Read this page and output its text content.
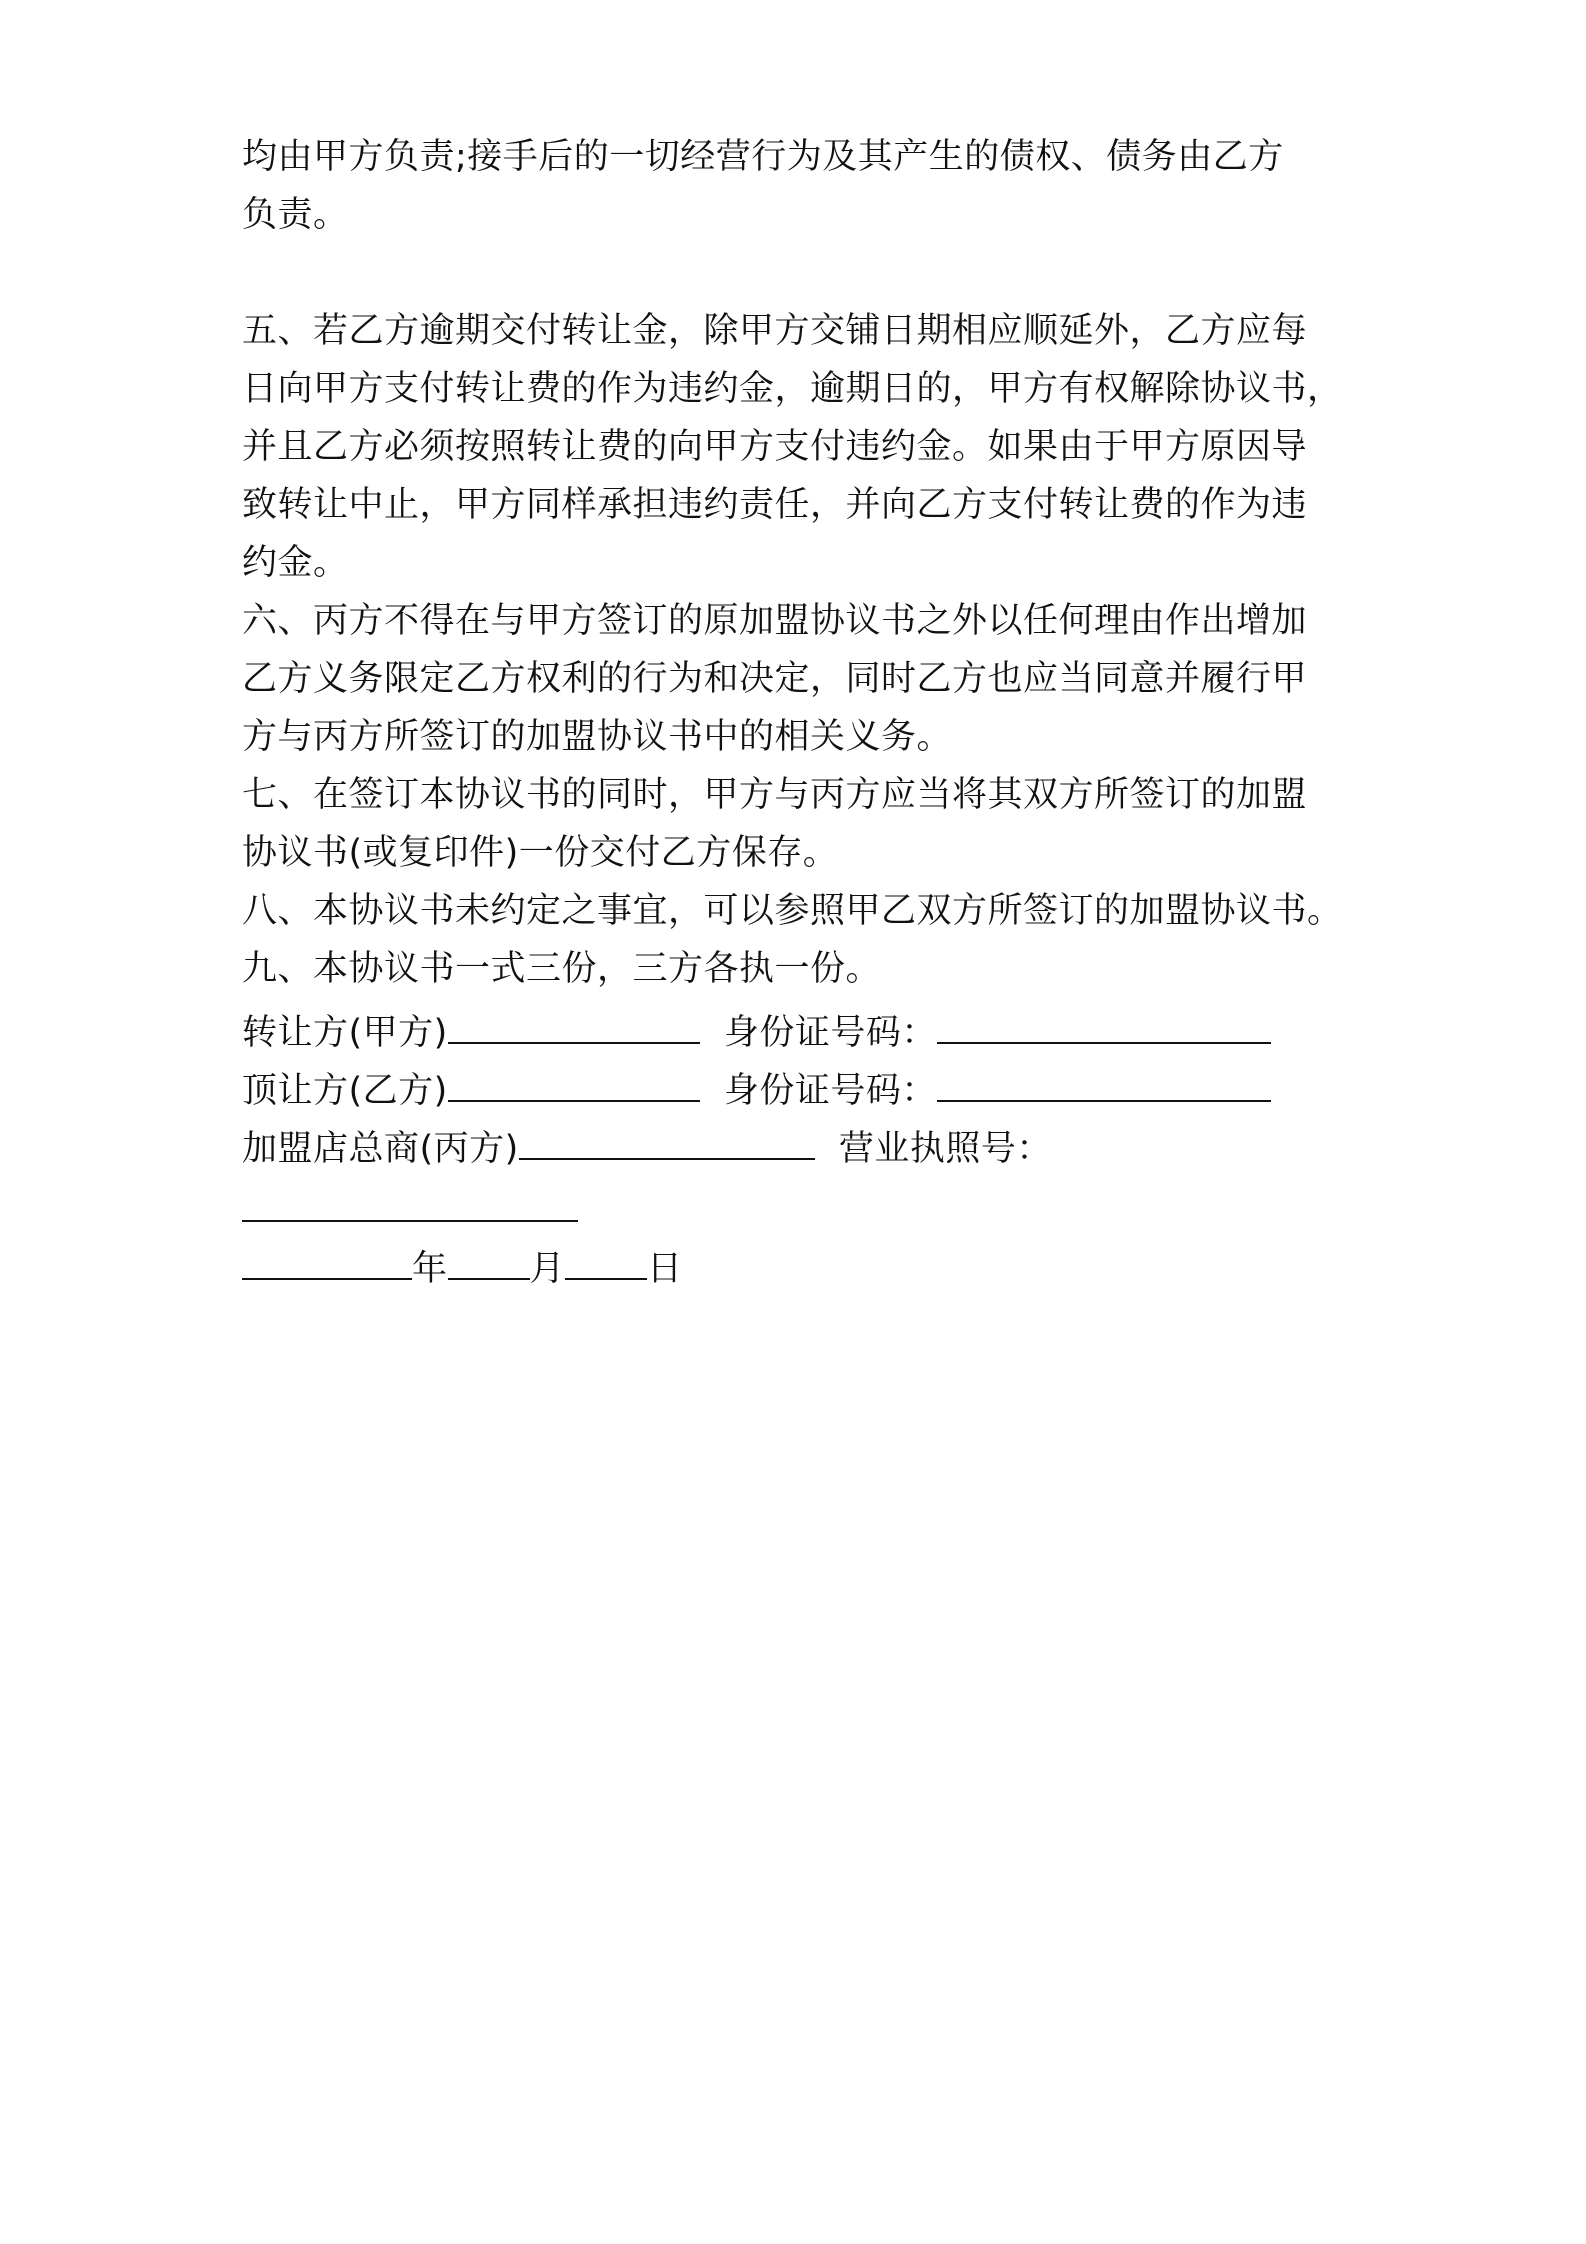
均由甲方负责;接手后的一切经营行为及其产生的债权、债务由乙方
负责。
五、若乙方逾期交付转让金，除甲方交铺日期相应顺延外，乙方应每
日向甲方支付转让费的作为违约金，逾期日的，甲方有权解除协议书，
并且乙方必须按照转让费的向甲方支付违约金。如果由于甲方原因导
致转让中止，甲方同样承担违约责任，并向乙方支付转让费的作为违
约金。
六、丙方不得在与甲方签订的原加盟协议书之外以任何理由作出增加
乙方义务限定乙方权利的行为和决定，同时乙方也应当同意并履行甲
方与丙方所签订的加盟协议书中的相关义务。
七、在签订本协议书的同时，甲方与丙方应当将其双方所签订的加盟
协议书(或复印件)一份交付乙方保存。
八、本协议书未约定之事宜，可以参照甲乙双方所签订的加盟协议书。
九、本协议书一式三份，三方各执一份。
转让方(甲方)	身份证号码：
顶让方(乙方)	身份证号码：
加盟店总商(丙方)	营业执照号：
年 月 日
